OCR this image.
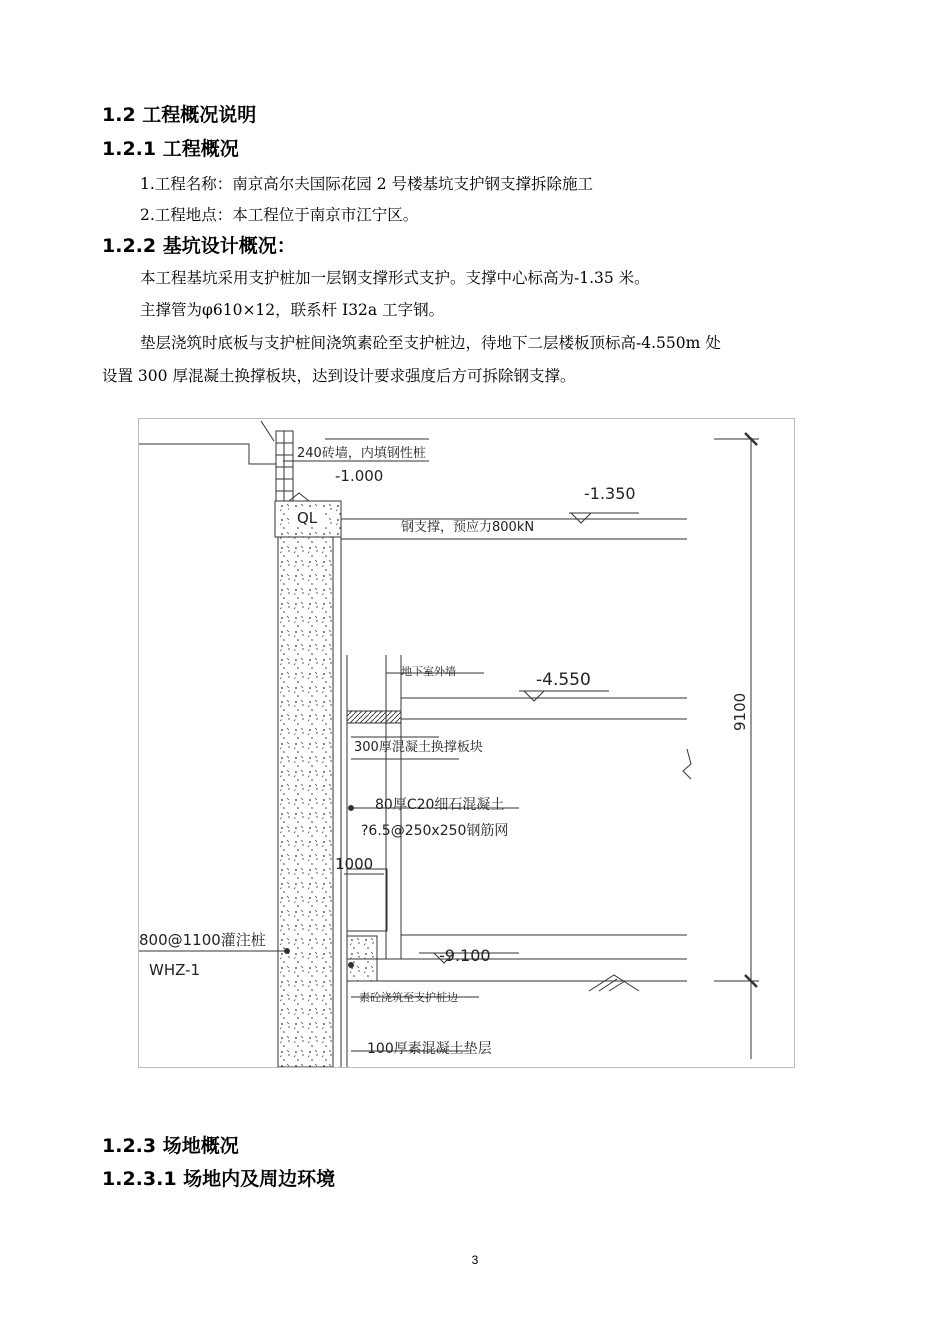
1.2 工程概况说明
1.2.1 工程概况

1.工程名称：南京高尔夫国际花园 2 号楼基坑支护钢支撑拆除施工

2.工程地点：本工程位于南京市江宁区。

1.2.2 基坑设计概况：

本工程基坑采用支护桩加一层钢支撑形式支护。支撑中心标高为-1.35 米。

主撑管为φ610×12，联系杆 I32a 工字钢。

垫层浇筑时底板与支护桩间浇筑素砼至支护桩边，待地下二层楼板顶标高-4.550m 处

设置 300 厚混凝土换撑板块，达到设计要求强度后方可拆除钢支撑。

QL
240砖墙，内填钢性桩
-1.000
-1.350
钢支撑，预应力800kN
地下室外墙	-4.550
300厚混凝土换撑板块
80厚C20细石混凝土
?6.5@250x250钢筋网
1000
800@1100灌注桩
WHZ-1
-9.100
素砼浇筑至支护桩边
100厚素混凝土垫层
9100
1.2.3 场地概况
1.2.3.1 场地内及周边环境
3
